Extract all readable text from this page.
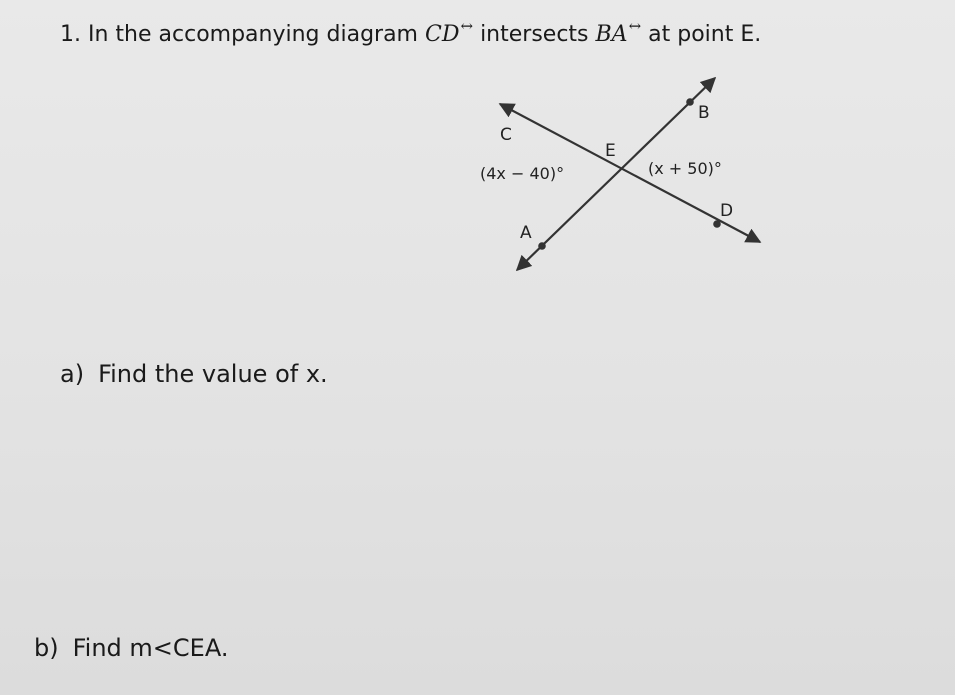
1. In the accompanying diagram CD↔ intersects BA↔ at point E.
B
C
E
D
A
(4x − 40)°	(x + 50)°
a) Find the value of x.
b) Find m<CEA.
